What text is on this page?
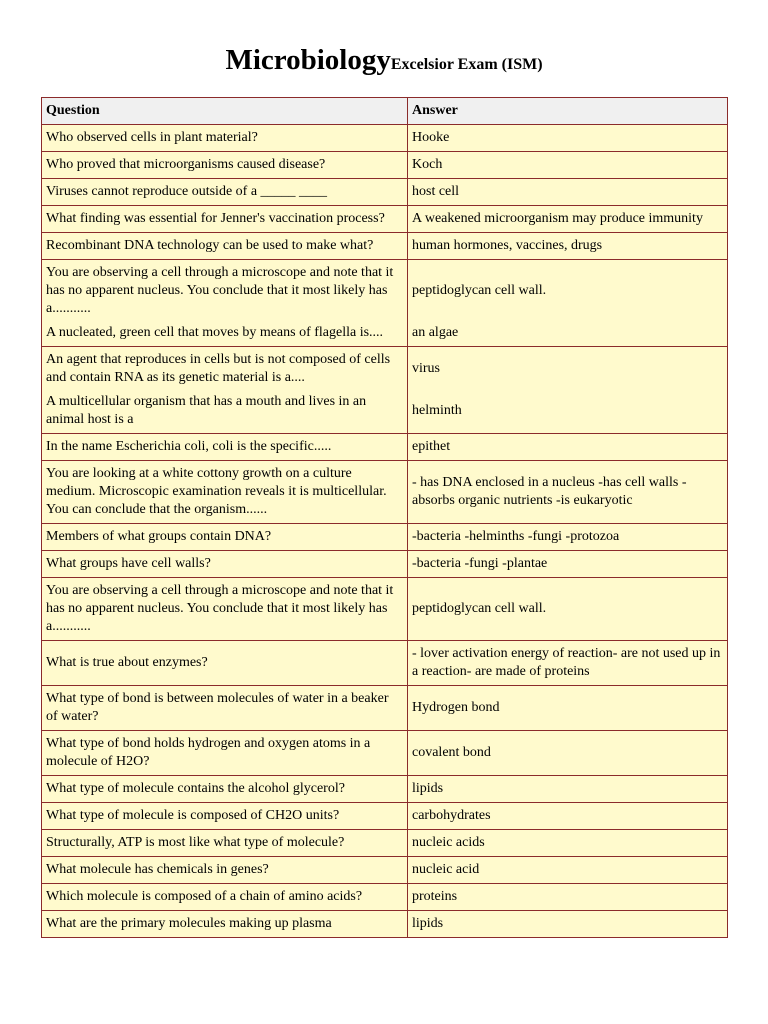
MicrobiologyExcelsior Exam (ISM)
Question	Answer
Who observed cells in plant material?	Hooke
Who proved that microorganisms caused disease?	Koch
Viruses cannot reproduce outside of a _____ ____	host cell
What finding was essential for Jenner's vaccination process?	A weakened microorganism may produce immunity
Recombinant DNA technology can be used to make what?	human hormones, vaccines, drugs
You are observing a cell through a microscope and note that it has no apparent nucleus. You conclude that it most likely has a...........	peptidoglycan cell wall.
A nucleated, green cell that moves by means of flagella is....	an algae
An agent that reproduces in cells but is not composed of cells and contain RNA as its genetic material is a....	virus
A multicellular organism that has a mouth and lives in an animal host is a	helminth
In the name Escherichia coli, coli is the specific.....	epithet
You are looking at a white cottony growth on a culture medium. Microscopic examination reveals it is multicellular. You can conclude that the organism......	- has DNA enclosed in a nucleus -has cell walls - absorbs organic nutrients -is eukaryotic
Members of what groups contain DNA?	-bacteria -helminths -fungi -protozoa
What groups have cell walls?	-bacteria -fungi -plantae
You are observing a cell through a microscope and note that it has no apparent nucleus. You conclude that it most likely has a...........	peptidoglycan cell wall.
What is true about enzymes?	- lover activation energy of reaction- are not used up in a reaction- are made of proteins
What type of bond is between molecules of water in a beaker of water?	Hydrogen bond
What type of bond holds hydrogen and oxygen atoms in a molecule of H2O?	covalent bond
What type of molecule contains the alcohol glycerol?	lipids
What type of molecule is composed of CH2O units?	carbohydrates
Structurally, ATP is most like what type of molecule?	nucleic acids
What molecule has chemicals in genes?	nucleic acid
Which molecule is composed of a chain of amino acids?	proteins
What are the primary molecules making up plasma	lipids
